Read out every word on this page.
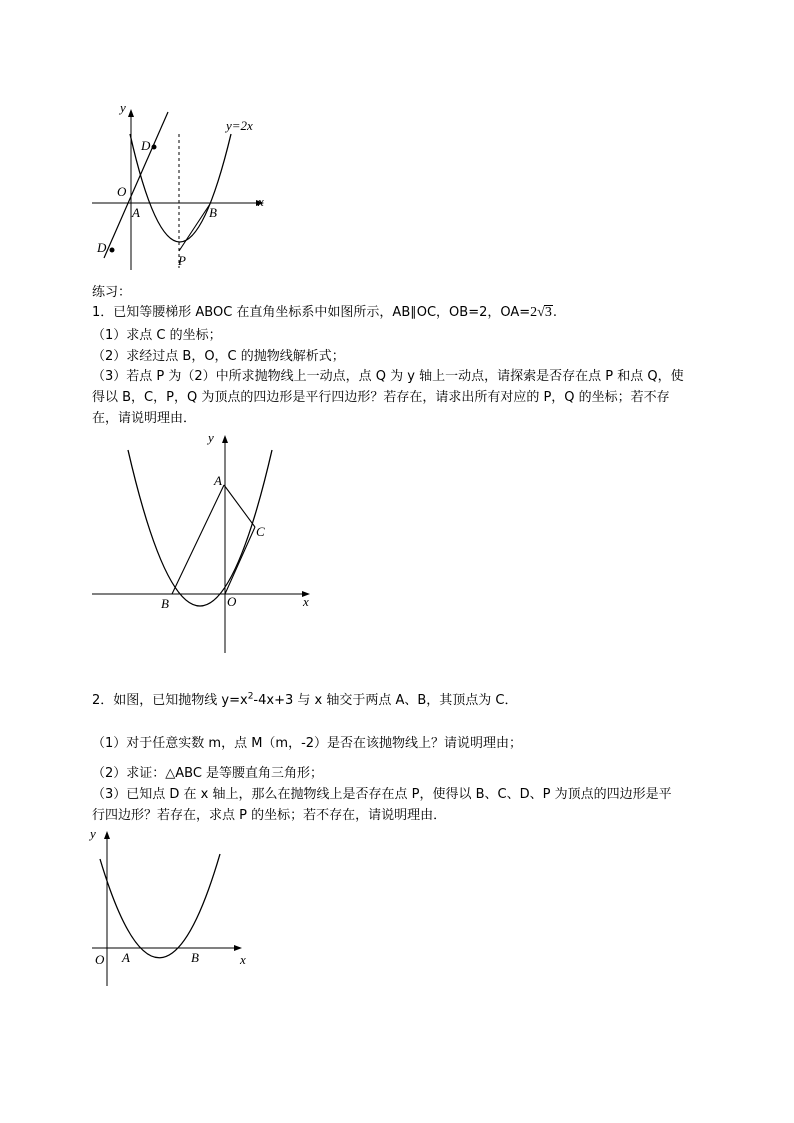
y
x
y=2x
D
D
O
A	B
P
练习：
1．已知等腰梯形 ABOC 在直角坐标系中如图所示，AB∥OC，OB=2，OA=2√3.
（1）求点 C 的坐标；
（2）求经过点 B，O，C 的抛物线解析式；
（3）若点 P 为（2）中所求抛物线上一动点，点 Q 为 y 轴上一动点，请探索是否存在点 P 和点 Q，使
得以 B，C，P，Q 为顶点的四边形是平行四边形？若存在，请求出所有对应的 P，Q 的坐标；若不存
在，请说明理由．
y
x
A
C
B	O
2．如图，已知抛物线 $y=x^2-4x+3$ 与 x 轴交于两点 A、B，其顶点为 C．
（1）对于任意实数 m，点 M（m，-2）是否在该抛物线上？请说明理由；
（2）求证：△ABC 是等腰直角三角形；
（3）已知点 D 在 x 轴上，那么在抛物线上是否存在点 P，使得以 B、C、D、P 为顶点的四边形是平
行四边形？若存在，求点 P 的坐标；若不存在，请说明理由．
y
x
O A	B
